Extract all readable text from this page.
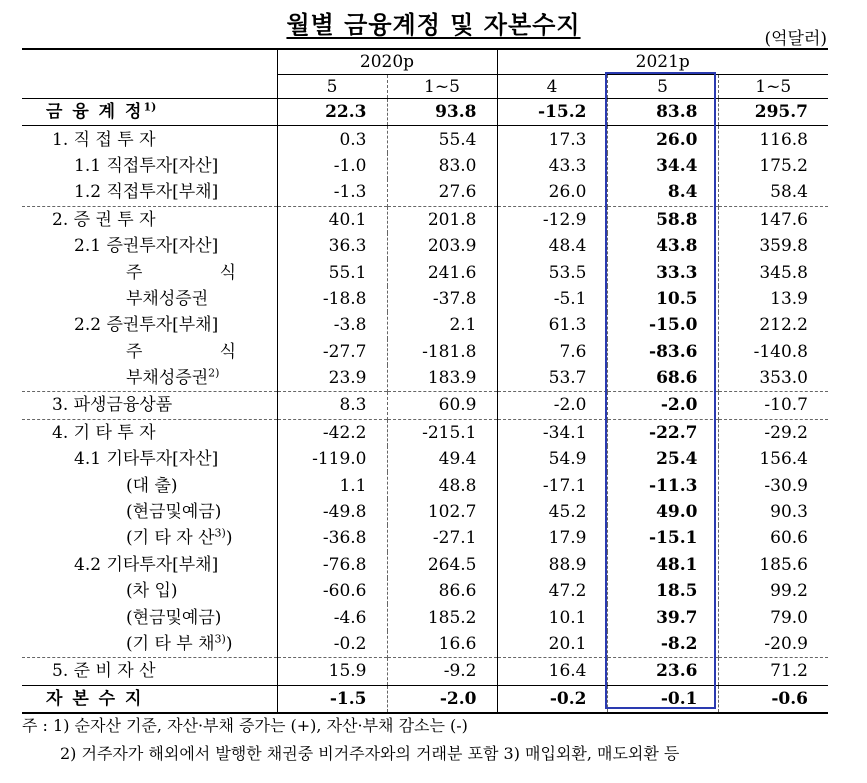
월별 금융계정 및 자본수지	(억달러)
	2020p		2021p		
	5	1~5	4	5	1~5
금 융 계 정$^{1)}$	22.3	93.8	-15.2	83.8	295.7
1. 직 접 투 자	0.3	55.4	17.3	26.0	116.8
1.1 직접투자[자산]	-1.0	83.0	43.3	34.4	175.2
1.2 직접투자[부채]	-1.3	27.6	26.0	8.4	58.4
2. 증 권 투 자	40.1	201.8	-12.9	58.8	147.6
2.1 증권투자[자산]	36.3	203.9	48.4	43.8	359.8
주 식	55.1	241.6	53.5	33.3	345.8
부채성증권	-18.8	-37.8	-5.1	10.5	13.9
2.2 증권투자[부채]	-3.8	2.1	61.3	-15.0	212.2
주 식	-27.7	-181.8	7.6	-83.6	-140.8
부채성증권$^{2)}$	23.9	183.9	53.7	68.6	353.0
3. 파생금융상품	8.3	60.9	-2.0	-2.0	-10.7
4. 기 타 투 자	-42.2	-215.1	-34.1	-22.7	-29.2
4.1 기타투자[자산]	-119.0	49.4	54.9	25.4	156.4
(대 출)	1.1	48.8	-17.1	-11.3	-30.9
(현금및예금)	-49.8	102.7	45.2	49.0	90.3
(기 타 자 산$^{3)}$)	-36.8	-27.1	17.9	-15.1	60.6
4.2 기타투자[부채]	-76.8	264.5	88.9	48.1	185.6
(차 입)	-60.6	86.6	47.2	18.5	99.2
(현금및예금)	-4.6	185.2	10.1	39.7	79.0
(기 타 부 채$^{3)}$)	-0.2	16.6	20.1	-8.2	-20.9
5. 준 비 자 산	15.9	-9.2	16.4	23.6	71.2
자 본 수 지	-1.5	-2.0	-0.2	-0.1	-0.6
주 : 1) 순자산 기준, 자산·부채 증가는 (+), 자산·부채 감소는 (-)
2) 거주자가 해외에서 발행한 채권중 비거주자와의 거래분 포함 3) 매입외환, 매도외환 등
